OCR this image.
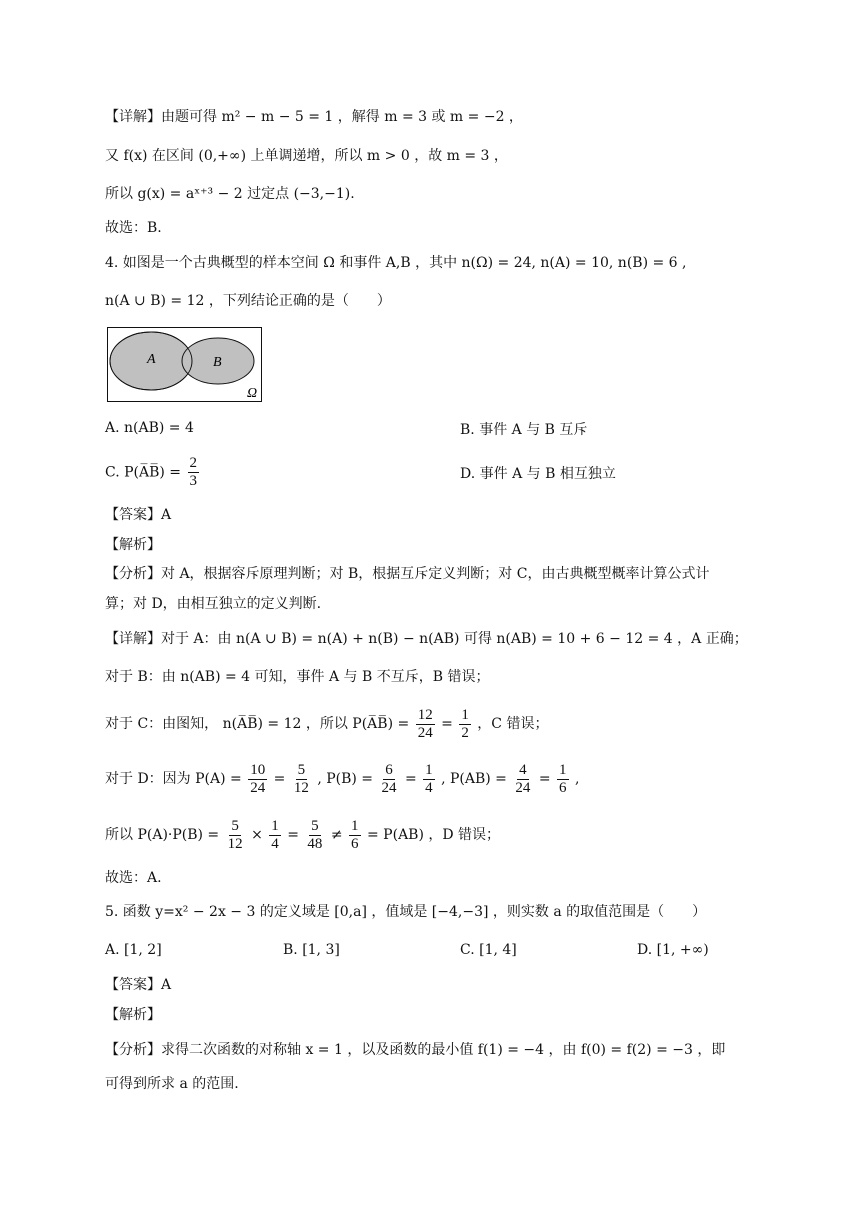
【详解】由题可得 m² − m − 5 = 1 ，解得 m = 3 或 m = −2 ，
又 f(x) 在区间 (0,+∞) 上单调递增，所以 m > 0 ，故 m = 3 ，
所以 g(x) = aˣ⁺³ − 2 过定点 (−3,−1).
故选：B.
4. 如图是一个古典概型的样本空间 Ω 和事件 A,B ，其中 n(Ω) = 24, n(A) = 10, n(B) = 6 ,
n(A ∪ B) = 12 ，下列结论正确的是（　　）
A	B
Ω
A. n(AB) = 4	B. 事件 A 与 B 互斥
C. P(A̅B̅) = $\frac{2}{3}$	D. 事件 A 与 B 相互独立
【答案】A
【解析】
【分析】对 A，根据容斥原理判断；对 B，根据互斥定义判断；对 C，由古典概型概率计算公式计
算；对 D，由相互独立的定义判断.
【详解】对于 A：由 n(A ∪ B) = n(A) + n(B) − n(AB) 可得 n(AB) = 10 + 6 − 12 = 4 ，A 正确；
对于 B：由 n(AB) = 4 可知，事件 A 与 B 不互斥，B 错误；
对于 C：由图知， n(A̅B̅) = 12 ，所以 P(A̅B̅) = $\frac{12}{24} = \frac{1}{2}$ ，C 错误；
对于 D：因为 $P(A) = \frac{10}{24} = \frac{5}{12}$ , $P(B) = \frac{6}{24} = \frac{1}{4}$ , $P(AB) = \frac{4}{24} = \frac{1}{6}$ ,
所以 $P(A)\cdot P(B) = \frac{5}{12} \times \frac{1}{4} = \frac{5}{48} \ne \frac{1}{6} = P(AB)$ ，D 错误；
故选：A.
5. 函数 y=x² − 2x − 3 的定义域是 [0,a] ，值域是 [−4,−3] ，则实数 a 的取值范围是（　　）
A. [1, 2]	B. [1, 3]	C. [1, 4]	D. [1, +∞)
【答案】A
【解析】
【分析】求得二次函数的对称轴 x = 1 ，以及函数的最小值 f(1) = −4 ，由 f(0) = f(2) = −3 ，即
可得到所求 a 的范围.
